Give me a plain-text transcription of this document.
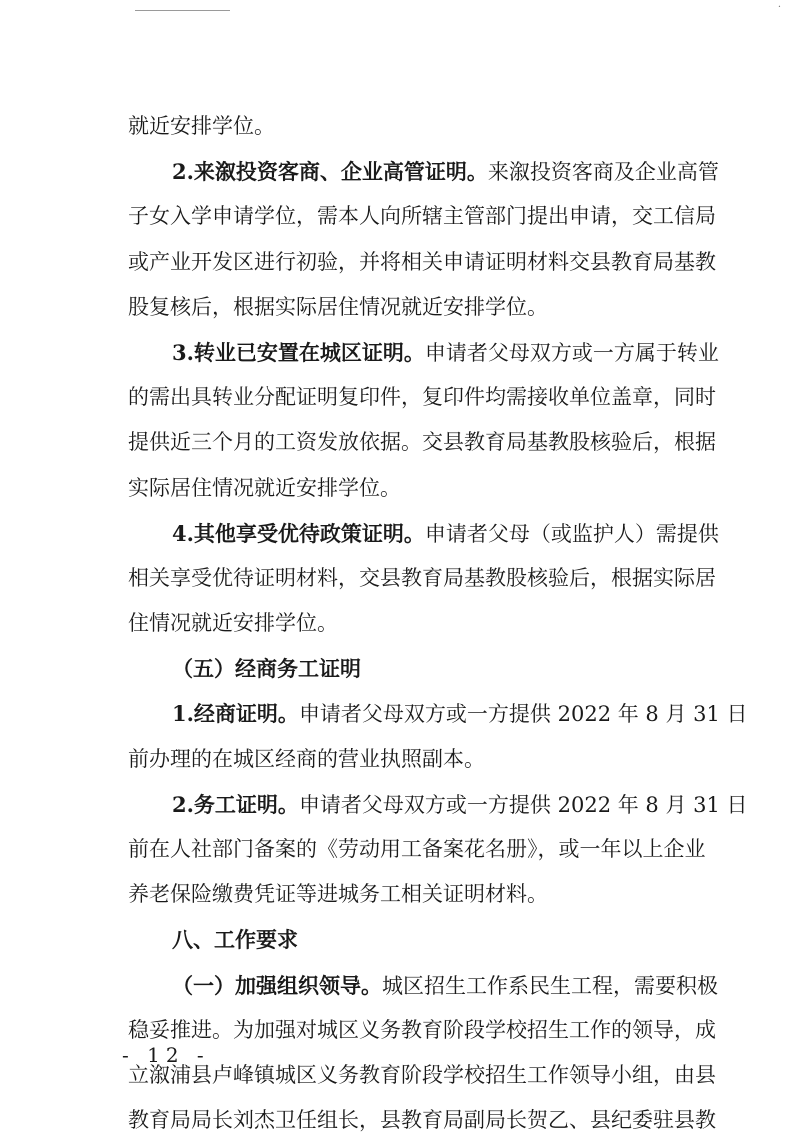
·
就近安排学位。
2.来溆投资客商、企业高管证明。来溆投资客商及企业高管
子女入学申请学位，需本人向所辖主管部门提出申请，交工信局
或产业开发区进行初验，并将相关申请证明材料交县教育局基教
股复核后，根据实际居住情况就近安排学位。
3.转业已安置在城区证明。申请者父母双方或一方属于转业
的需出具转业分配证明复印件，复印件均需接收单位盖章，同时
提供近三个月的工资发放依据。交县教育局基教股核验后，根据
实际居住情况就近安排学位。
4.其他享受优待政策证明。申请者父母（或监护人）需提供
相关享受优待证明材料，交县教育局基教股核验后，根据实际居
住情况就近安排学位。
（五）经商务工证明
1.经商证明。申请者父母双方或一方提供 2022 年 8 月 31 日
前办理的在城区经商的营业执照副本。
2.务工证明。申请者父母双方或一方提供 2022 年 8 月 31 日
前在人社部门备案的《劳动用工备案花名册》，或一年以上企业
养老保险缴费凭证等进城务工相关证明材料。
八、工作要求
（一）加强组织领导。城区招生工作系民生工程，需要积极
稳妥推进。为加强对城区义务教育阶段学校招生工作的领导，成
立溆浦县卢峰镇城区义务教育阶段学校招生工作领导小组，由县
教育局局长刘杰卫任组长，县教育局副局长贺乙、县纪委驻县教
- 12 -
